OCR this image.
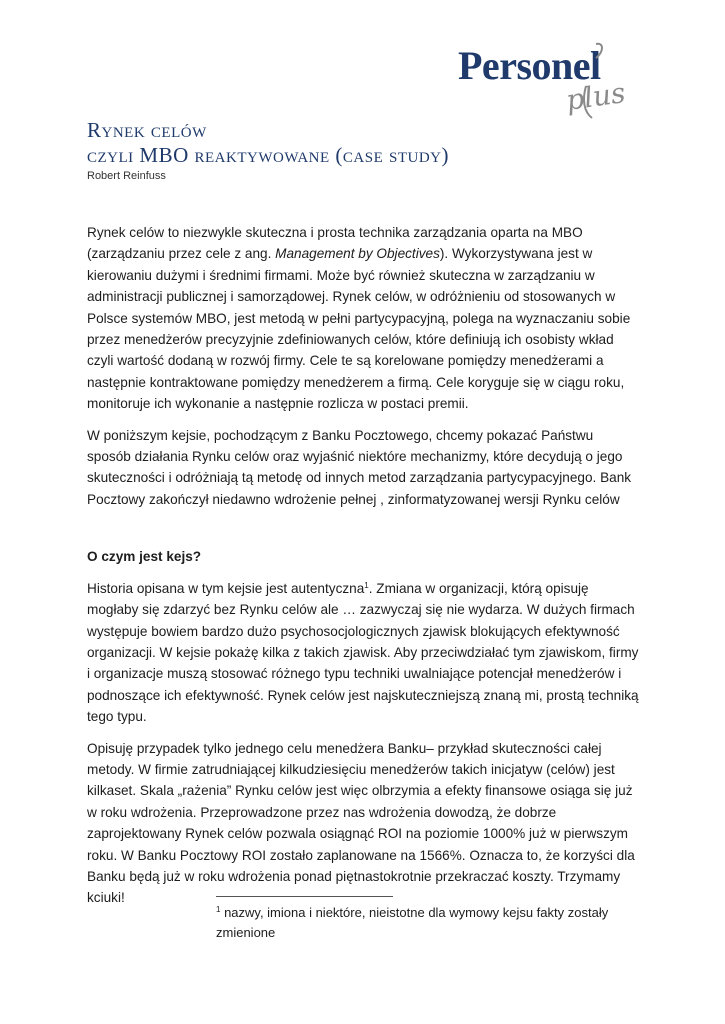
Personel
plus
Rynek celów
czyli MBO reaktywowane (case study)
Robert Reinfuss

Rynek celów to niezwykle skuteczna i prosta technika zarządzania oparta na MBO (zarządzaniu przez cele z ang. Management by Objectives). Wykorzystywana jest w kierowaniu dużymi i średnimi firmami. Może być również skuteczna w zarządzaniu w administracji publicznej i samorządowej. Rynek celów, w odróżnieniu od stosowanych w Polsce systemów MBO, jest metodą w pełni partycypacyjną, polega na wyznaczaniu sobie przez menedżerów precyzyjnie zdefiniowanych celów, które definiują ich osobisty wkład czyli wartość dodaną w rozwój firmy. Cele te są korelowane pomiędzy menedżerami a następnie kontraktowane pomiędzy menedżerem a firmą. Cele koryguje się w ciągu roku, monitoruje ich wykonanie a następnie rozlicza w postaci premii.

W poniższym kejsie, pochodzącym z Banku Pocztowego, chcemy pokazać Państwu sposób działania Rynku celów oraz wyjaśnić niektóre mechanizmy, które decydują o jego skuteczności i odróżniają tą metodę od innych metod zarządzania partycypacyjnego. Bank Pocztowy zakończył niedawno wdrożenie pełnej , zinformatyzowanej wersji Rynku celów

O czym jest kejs?

Historia opisana w tym kejsie jest autentyczna$^1$. Zmiana w organizacji, którą opisuję mogłaby się zdarzyć bez Rynku celów ale … zazwyczaj się nie wydarza. W dużych firmach występuje bowiem bardzo dużo psychosocjologicznych zjawisk blokujących efektywność organizacji. W kejsie pokażę kilka z takich zjawisk. Aby przeciwdziałać tym zjawiskom, firmy i organizacje muszą stosować różnego typu techniki uwalniające potencjał menedżerów i podnoszące ich efektywność. Rynek celów jest najskuteczniejszą znaną mi, prostą techniką tego typu.

Opisuję przypadek tylko jednego celu menedżera Banku– przykład skuteczności całej metody. W firmie zatrudniającej kilkudziesięciu menedżerów takich inicjatyw (celów) jest kilkaset. Skala „rażenia” Rynku celów jest więc olbrzymia a efekty finansowe osiąga się już w roku wdrożenia. Przeprowadzone przez nas wdrożenia dowodzą, że dobrze zaprojektowany Rynek celów pozwala osiągnąć ROI na poziomie 1000% już w pierwszym roku. W Banku Pocztowy ROI zostało zaplanowane na 1566%. Oznacza to, że korzyści dla Banku będą już w roku wdrożenia ponad piętnastokrotnie przekraczać koszty. Trzymamy kciuki!

$^1$ nazwy, imiona i niektóre, nieistotne dla wymowy kejsu fakty zostały zmienione
